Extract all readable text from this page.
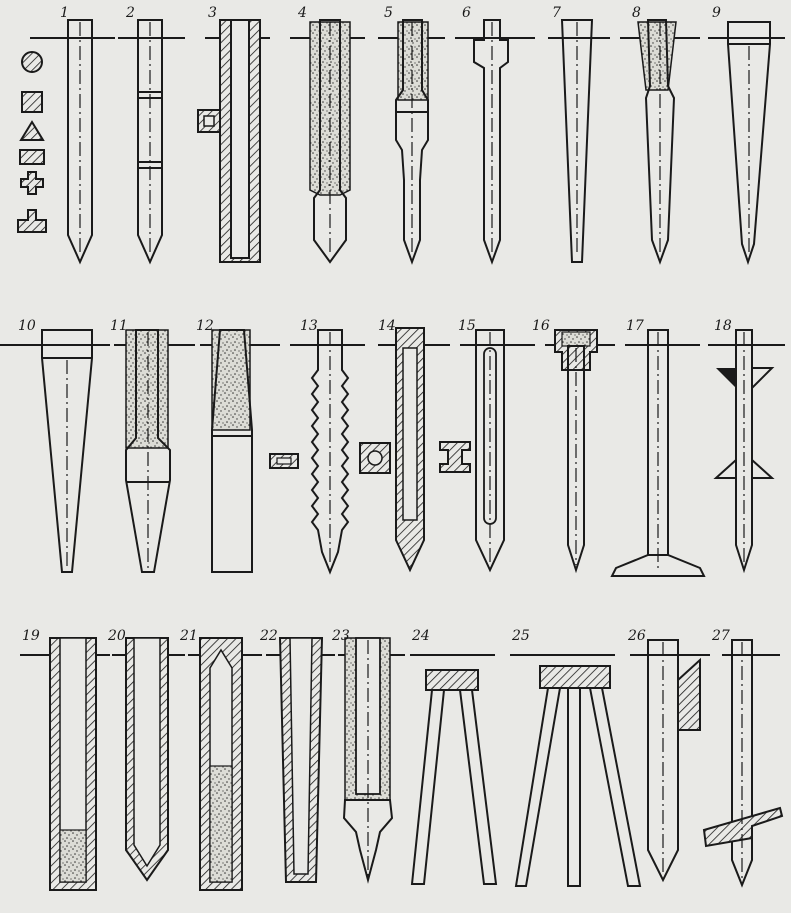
1	2	3	4	5	6	7	8	9
10	11	12	13	14	15	16	17	18
19	20	21	22	23	24	25	26	27
